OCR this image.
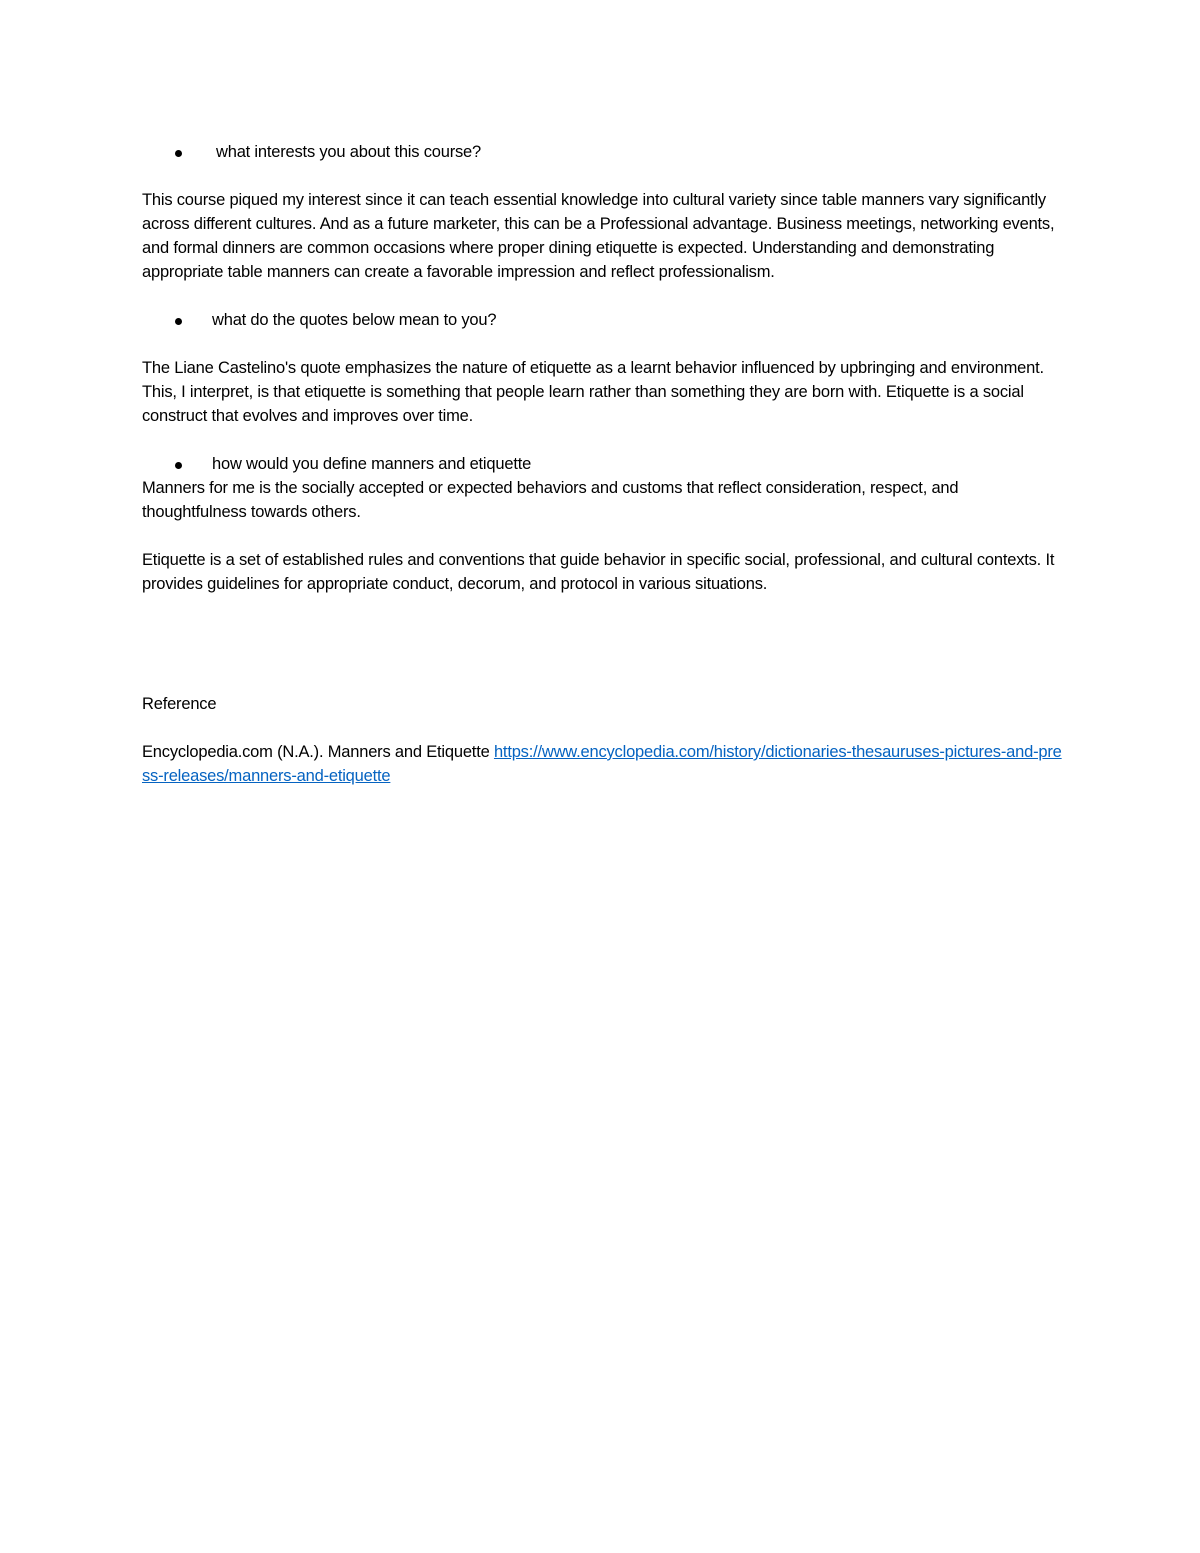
what interests you about this course?

This course piqued my interest since it can teach essential knowledge into cultural variety since table manners vary significantly across different cultures. And as a future marketer, this can be a Professional advantage. Business meetings, networking events, and formal dinners are common occasions where proper dining etiquette is expected. Understanding and demonstrating appropriate table manners can create a favorable impression and reflect professionalism.

what do the quotes below mean to you?

The Liane Castelino's quote emphasizes the nature of etiquette as a learnt behavior influenced by upbringing and environment. This, I interpret, is that etiquette is something that people learn rather than something they are born with. Etiquette is a social construct that evolves and improves over time.

how would you define manners and etiquette

Manners for me is the socially accepted or expected behaviors and customs that reflect consideration, respect, and thoughtfulness towards others.

Etiquette is a set of established rules and conventions that guide behavior in specific social, professional, and cultural contexts. It provides guidelines for appropriate conduct, decorum, and protocol in various situations.

Reference

Encyclopedia.com (N.A.). Manners and Etiquette https://www.encyclopedia.com/history/dictionaries-thesauruses-pictures-and-press-releases/manners-and-etiquette
